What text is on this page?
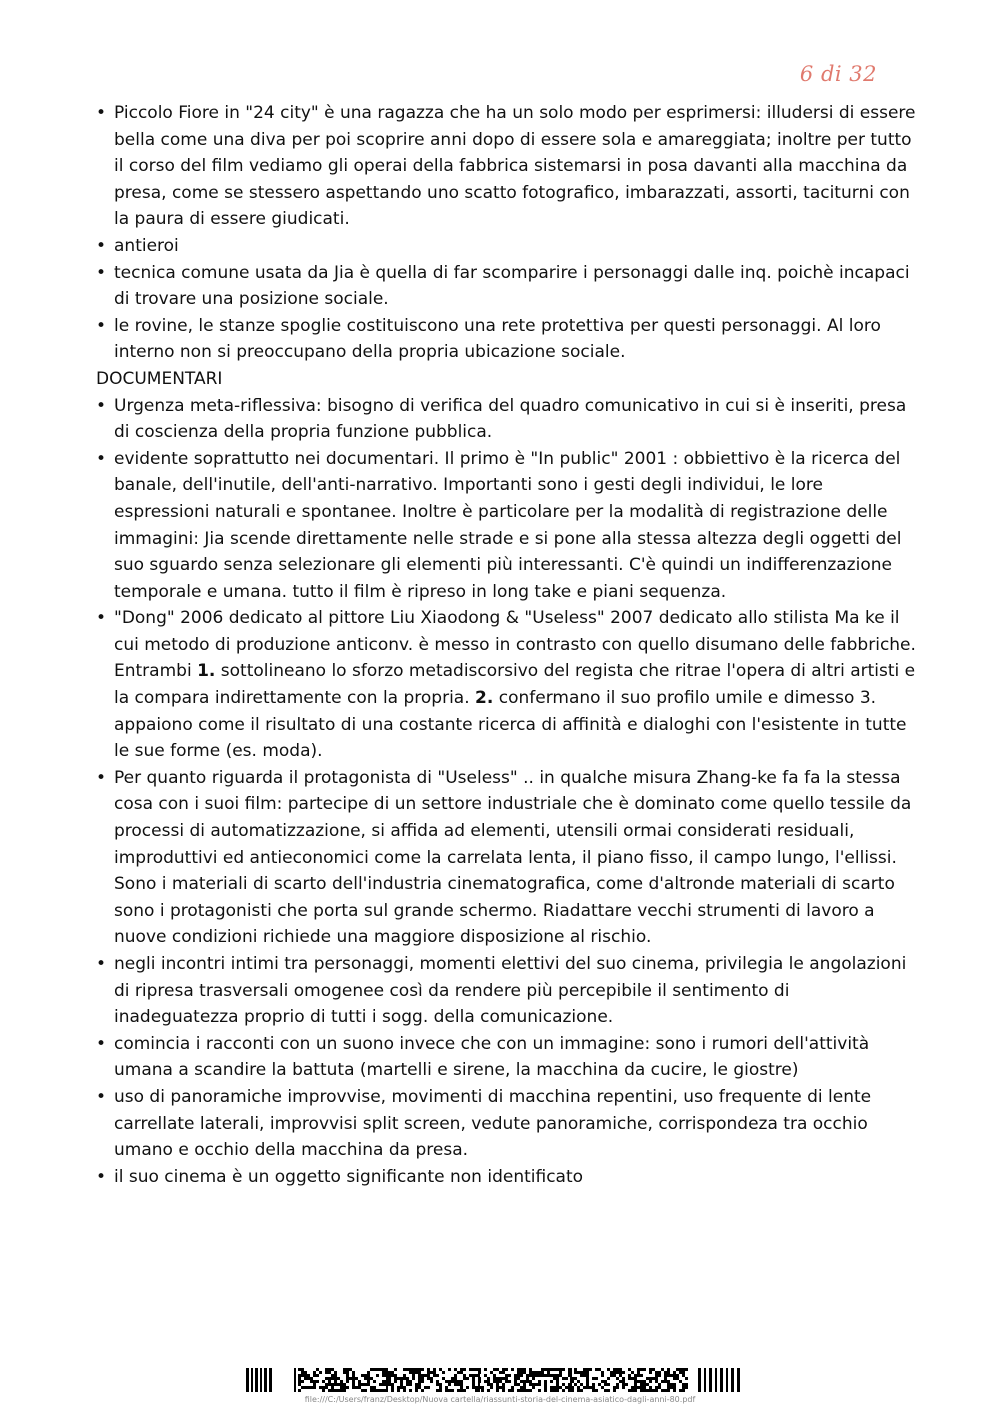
6 di 32
• Piccolo Fiore in "24 city" è una ragazza che ha un solo modo per esprimersi: illudersi di essere bella come una diva per poi scoprire anni dopo di essere sola e amareggiata; inoltre per tutto il corso del film vediamo gli operai della fabbrica sistemarsi in posa davanti alla macchina da presa, come se stessero aspettando uno scatto fotografico, imbarazzati, assorti, taciturni con la paura di essere giudicati.
• antieroi
• tecnica comune usata da Jia è quella di far scomparire i personaggi dalle inq. poichè incapaci di trovare una posizione sociale.
• le rovine, le stanze spoglie costituiscono una rete protettiva per questi personaggi. Al loro interno non si preoccupano della propria ubicazione sociale.

DOCUMENTARI

• Urgenza meta-riflessiva: bisogno di verifica del quadro comunicativo in cui si è inseriti, presa di coscienza della propria funzione pubblica.
• evidente soprattutto nei documentari. Il primo è "In public" 2001 : obbiettivo è la ricerca del banale, dell'inutile, dell'anti-narrativo. Importanti sono i gesti degli individui, le lore espressioni naturali e spontanee. Inoltre è particolare per la modalità di registrazione delle immagini: Jia scende direttamente nelle strade e si pone alla stessa altezza degli oggetti del suo sguardo senza selezionare gli elementi più interessanti. C'è quindi un indifferenzazione temporale e umana. tutto il film è ripreso in long take e piani sequenza.
• "Dong" 2006 dedicato al pittore Liu Xiaodong & "Useless" 2007 dedicato allo stilista Ma ke il cui metodo di produzione anticonv. è messo in contrasto con quello disumano delle fabbriche. Entrambi 1. sottolineano lo sforzo metadiscorsivo del regista che ritrae l'opera di altri artisti e la compara indirettamente con la propria. 2. confermano il suo profilo umile e dimesso 3. appaiono come il risultato di una costante ricerca di affinità e dialoghi con l'esistente in tutte le sue forme (es. moda).
• Per quanto riguarda il protagonista di "Useless" .. in qualche misura Zhang-ke fa fa la stessa cosa con i suoi film: partecipe di un settore industriale che è dominato come quello tessile da processi di automatizzazione, si affida ad elementi, utensili ormai considerati residuali, improduttivi ed antieconomici come la carrelata lenta, il piano fisso, il campo lungo, l'ellissi. Sono i materiali di scarto dell'industria cinematografica, come d'altronde materiali di scarto sono i protagonisti che porta sul grande schermo. Riadattare vecchi strumenti di lavoro a nuove condizioni richiede una maggiore disposizione al rischio.
• negli incontri intimi tra personaggi, momenti elettivi del suo cinema, privilegia le angolazioni di ripresa trasversali omogenee così da rendere più percepibile il sentimento di inadeguatezza proprio di tutti i sogg. della comunicazione.
• comincia i racconti con un suono invece che con un immagine: sono i rumori dell'attività umana a scandire la battuta (martelli e sirene, la macchina da cucire, le giostre)
• uso di panoramiche improvvise, movimenti di macchina repentini, uso frequente di lente carrellate laterali, improvvisi split screen, vedute panoramiche, corrispondeza tra occhio umano e occhio della macchina da presa.
• il suo cinema è un oggetto significante non identificato
file:///C:/Users/franz/Desktop/Nuova cartella/riassunti-storia-del-cinema-asiatico-dagli-anni-80.pdf
